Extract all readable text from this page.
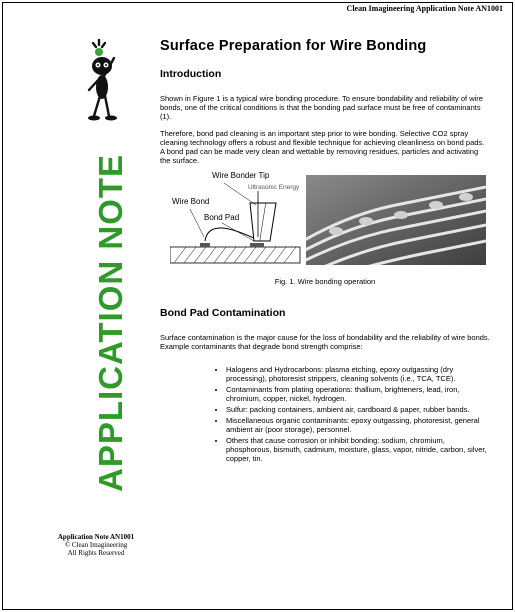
Clean Imagineering Application Note AN1001
APPLICATION NOTE
Application Note AN1001
© Clean Imagineering
All Rights Reserved
Surface Preparation for Wire Bonding
Introduction

Shown in Figure 1 is a typical wire bonding procedure. To ensure bondability and reliability of wire bonds, one of the critical conditions is that the bonding pad surface must be free of contaminants (1).

Therefore, bond pad cleaning is an important step prior to wire bonding. Selective CO2 spray cleaning technology offers a robust and flexible technique for achieving cleanliness on bond pads. A bond pad can be made very clean and wettable by removing residues, particles and activating the surface.

Wire Bonder Tip
Ultrasonic Energy
Wire Bond
Bond Pad
Fig. 1. Wire bonding operation
Bond Pad Contamination

Surface contamination is the major cause for the loss of bondability and the reliability of wire bonds. Example contaminants that degrade bond strength comprise:

• Halogens and Hydrocarbons: plasma etching, epoxy outgassing (dry processing), photoresist strippers, cleaning solvents (i.e., TCA, TCE).
• Contaminants from plating operations: thallium, brighteners, lead, iron, chromium, copper, nickel, hydrogen.
• Sulfur: packing containers, ambient air, cardboard & paper, rubber bands.
• Miscellaneous organic contaminants: epoxy outgassing, photoresist, general ambient air (poor storage), personnel.
• Others that cause corrosion or inhibit bonding: sodium, chromium, phosphorous, bismuth, cadmium, moisture, glass, vapor, nitride, carbon, silver, copper, tin.
